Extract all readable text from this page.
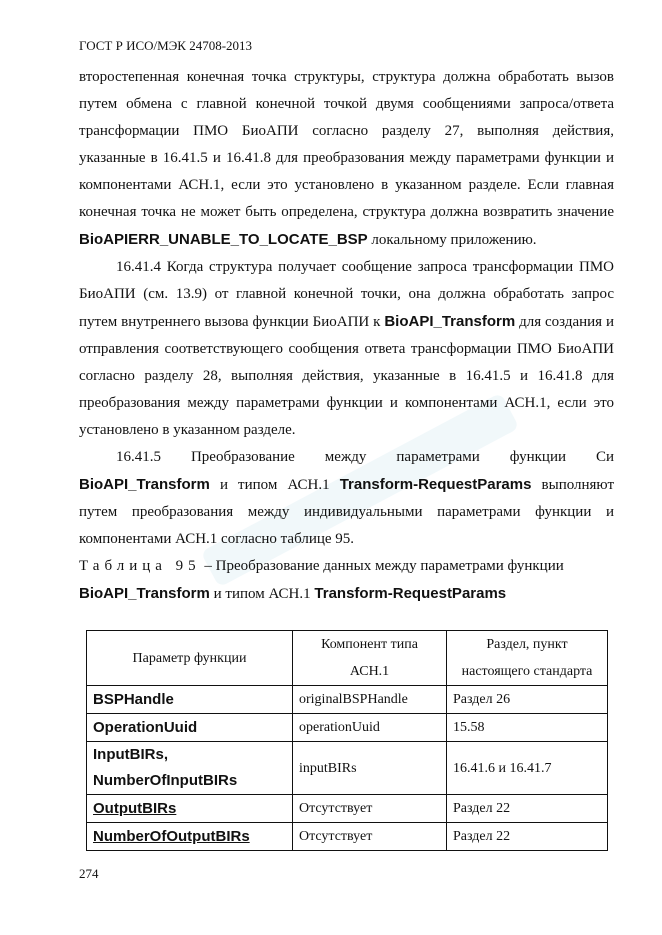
ГОСТ Р ИСО/МЭК 24708-2013

второстепенная конечная точка структуры, структура должна обработать вызов путем обмена с главной конечной точкой двумя сообщениями запроса/ответа трансформации ПМО БиоАПИ согласно разделу 27, выполняя действия, указанные в 16.41.5 и 16.41.8 для преобразования между параметрами функции и компонентами АСН.1, если это установлено в указанном разделе. Если главная конечная точка не может быть определена, структура должна возвратить значение BioAPIERR_UNABLE_TO_LOCATE_BSP локальному приложению.

16.41.4 Когда структура получает сообщение запроса трансформации ПМО БиоАПИ (см. 13.9) от главной конечной точки, она должна обработать запрос путем внутреннего вызова функции БиоАПИ к BioAPI_Transform для создания и отправления соответствующего сообщения ответа трансформации ПМО БиоАПИ согласно разделу 28, выполняя действия, указанные в 16.41.5 и 16.41.8 для преобразования между параметрами функции и компонентами АСН.1, если это установлено в указанном разделе.

16.41.5 Преобразование между параметрами функции Си BioAPI_Transform и типом АСН.1 Transform-RequestParams выполняют путем преобразования между индивидуальными параметрами функции и компонентами АСН.1 согласно таблице 95.

Таблица 95 – Преобразование данных между параметрами функции BioAPI_Transform и типом АСН.1 Transform-RequestParams

Параметр функции	Компонент типа АСН.1	Раздел, пункт настоящего стандарта
BSPHandle	originalBSPHandle	Раздел 26
OperationUuid	operationUuid	15.58
InputBIRs, NumberOfInputBIRs	inputBIRs	16.41.6 и 16.41.7
OutputBIRs	Отсутствует	Раздел 22
NumberOfOutputBIRs	Отсутствует	Раздел 22
274
